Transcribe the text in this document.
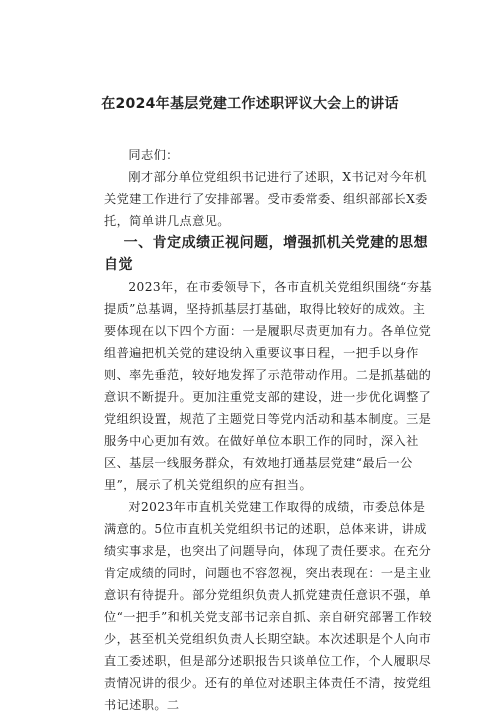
在2024年基层党建工作述职评议大会上的讲话

同志们：

刚才部分单位党组织书记进行了述职，X书记对今年机关党建工作进行了安排部署。受市委常委、组织部部长X委托，简单讲几点意见。

一、肯定成绩正视问题，增强抓机关党建的思想自觉

2023年，在市委领导下，各市直机关党组织围绕“夯基提质”总基调，坚持抓基层打基础，取得比较好的成效。主要体现在以下四个方面：一是履职尽责更加有力。各单位党组普遍把机关党的建设纳入重要议事日程，一把手以身作则、率先垂范，较好地发挥了示范带动作用。二是抓基础的意识不断提升。更加注重党支部的建设，进一步优化调整了党组织设置，规范了主题党日等党内活动和基本制度。三是服务中心更加有效。在做好单位本职工作的同时，深入社区、基层一线服务群众，有效地打通基层党建“最后一公里”，展示了机关党组织的应有担当。

对2023年市直机关党建工作取得的成绩，市委总体是满意的。5位市直机关党组织书记的述职，总体来讲，讲成绩实事求是，也突出了问题导向，体现了责任要求。在充分肯定成绩的同时，问题也不容忽视，突出表现在：一是主业意识有待提升。部分党组织负责人抓党建责任意识不强，单位“一把手”和机关党支部书记亲自抓、亲自研究部署工作较少，甚至机关党组织负责人长期空缺。本次述职是个人向市直工委述职，但是部分述职报告只谈单位工作，个人履职尽责情况讲的很少。还有的单位对述职主体责任不清，按党组书记述职。二
